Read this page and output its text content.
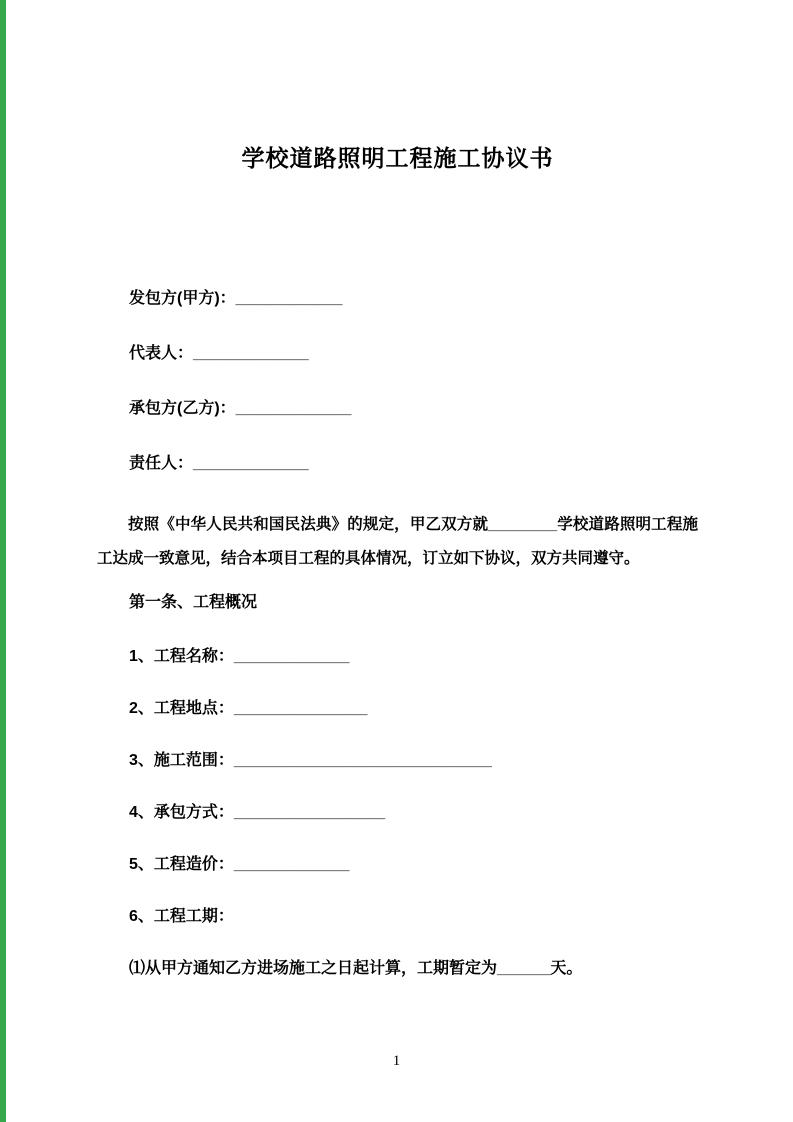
学校道路照明工程施工协议书

发包方(甲方)：____________

代表人：_____________

承包方(乙方)：_____________

责任人：_____________

按照《中华人民共和国民法典》的规定，甲乙双方就________学校道路照明工程施工达成一致意见，结合本项目工程的具体情况，订立如下协议，双方共同遵守。

第一条、工程概况

1、工程名称：_____________

2、工程地点：_______________

3、施工范围：_____________________________

4、承包方式：_________________

5、工程造价：_____________

6、工程工期：

⑴从甲方通知乙方进场施工之日起计算，工期暂定为______天。

1
